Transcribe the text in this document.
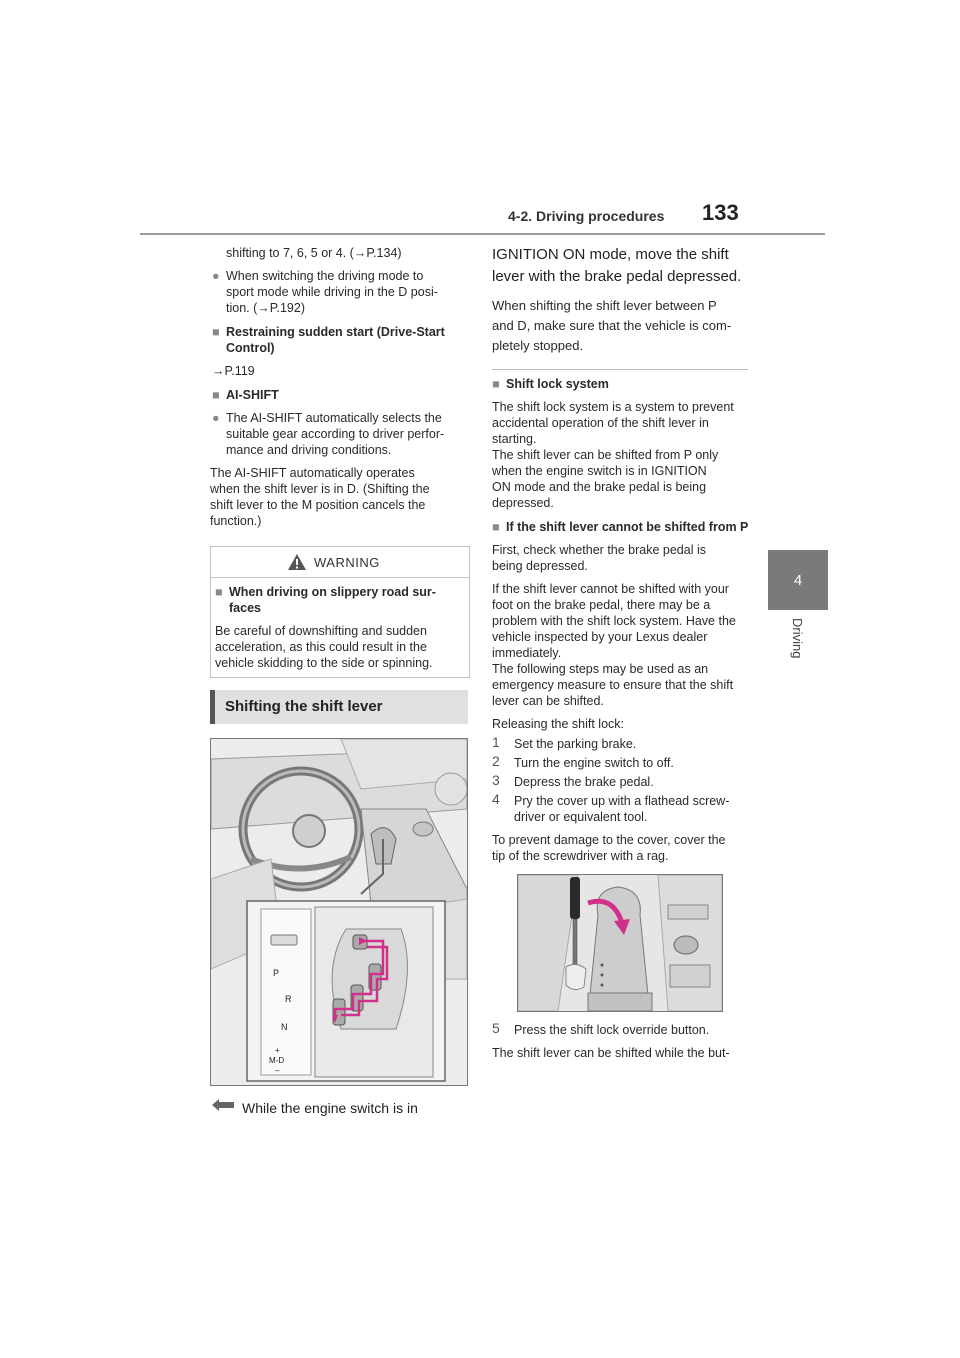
4-2. Driving procedures 133
4
Driving
shifting to 7, 6, 5 or 4. (→P.134)
● When switching the driving mode to
sport mode while driving in the D posi-
tion. (→P.192)
■ Restraining sudden start (Drive-Start
Control)
→P.119
■ AI-SHIFT
● The AI-SHIFT automatically selects the
suitable gear according to driver perfor-
mance and driving conditions.
The AI-SHIFT automatically operates
when the shift lever is in D. (Shifting the
shift lever to the M position cancels the
function.)
WARNING
■ When driving on slippery road sur-
faces
Be careful of downshifting and sudden
acceleration, as this could result in the
vehicle skidding to the side or spinning.
Shifting the shift lever
P
R
N
+
M-D
–
While the engine switch is in
IGNITION ON mode, move the shift
lever with the brake pedal depressed.
When shifting the shift lever between P
and D, make sure that the vehicle is com-
pletely stopped.
■ Shift lock system
The shift lock system is a system to prevent
accidental operation of the shift lever in
starting.
The shift lever can be shifted from P only
when the engine switch is in IGNITION
ON mode and the brake pedal is being
depressed.
■ If the shift lever cannot be shifted from P
First, check whether the brake pedal is
being depressed.
If the shift lever cannot be shifted with your
foot on the brake pedal, there may be a
problem with the shift lock system. Have the
vehicle inspected by your Lexus dealer
immediately.
The following steps may be used as an
emergency measure to ensure that the shift
lever can be shifted.
Releasing the shift lock:
1 Set the parking brake.
2 Turn the engine switch to off.
3 Depress the brake pedal.
4 Pry the cover up with a flathead screw-
driver or equivalent tool.
To prevent damage to the cover, cover the
tip of the screwdriver with a rag.
5 Press the shift lock override button.
The shift lever can be shifted while the but-
